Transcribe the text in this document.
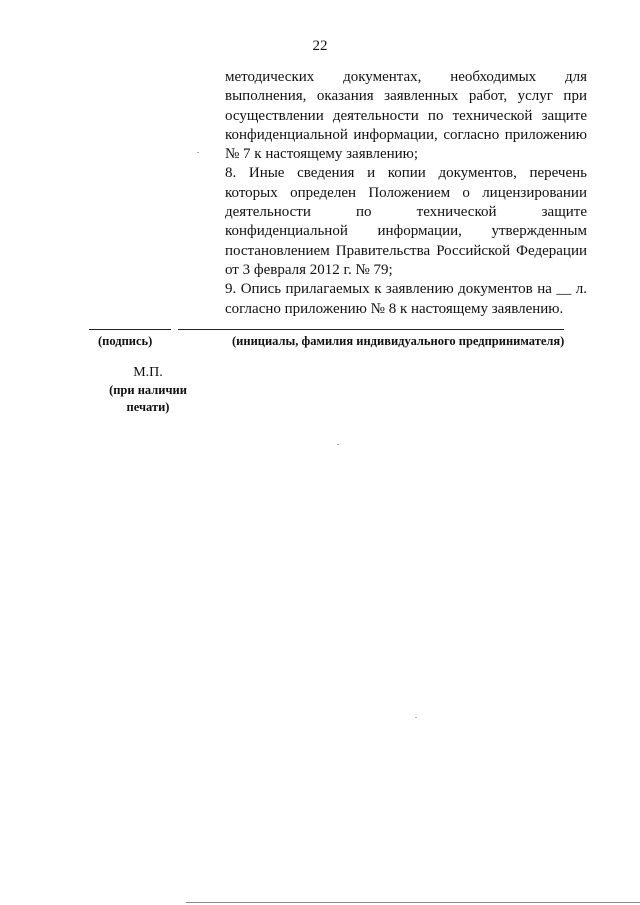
22

методических документах, необходимых для выполнения, оказания заявленных работ, услуг при осуществлении деятельности по технической защите конфиденциальной информации, согласно приложению № 7 к настоящему заявлению;

8. Иные сведения и копии документов, перечень которых определен Положением о лицензировании деятельности по технической защите конфиденциальной информации, утвержденным постановлением Правительства Российской Федерации от 3 февраля 2012 г. № 79;

9. Опись прилагаемых к заявлению документов на __ л. согласно приложению № 8 к настоящему заявлению.

(подпись)	(инициалы, фамилия индивидуального предпринимателя)
М.П.
(при наличии печати)
